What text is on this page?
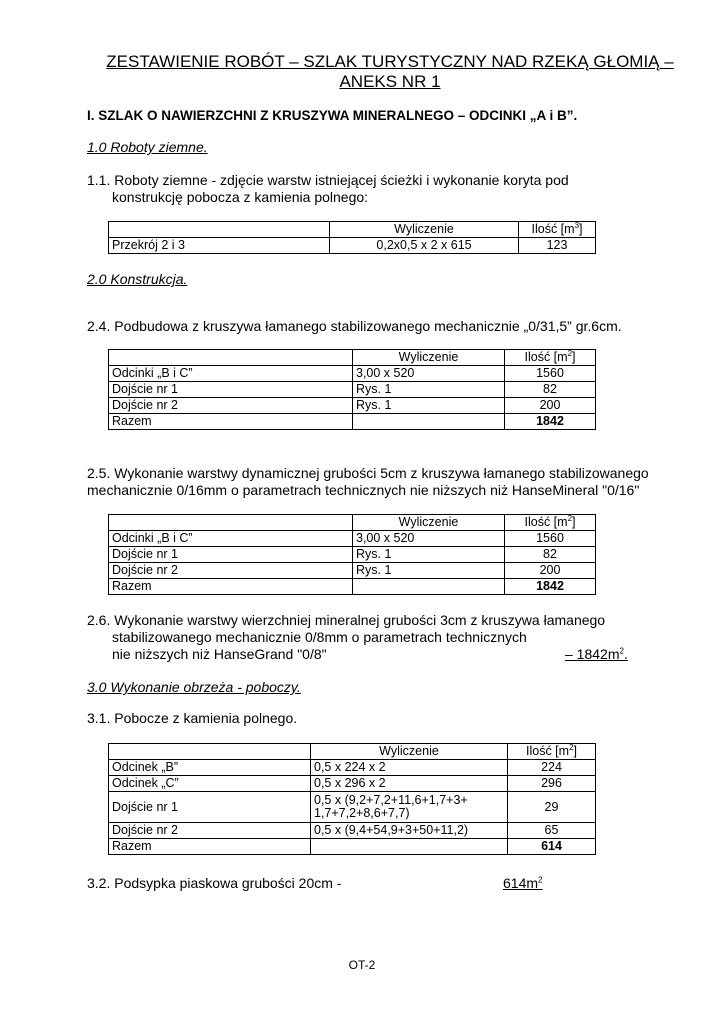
ZESTAWIENIE ROBÓT – SZLAK TURYSTYCZNY NAD RZEKĄ GŁOMIĄ –
ANEKS NR 1
I. SZLAK O NAWIERZCHNI Z KRUSZYWA MINERALNEGO – ODCINKI „A i B”.
1.0 Roboty ziemne.
1.1. Roboty ziemne - zdjęcie warstw istniejącej ścieżki i wykonanie koryta pod
konstrukcję pobocza z kamienia polnego:
	Wyliczenie	Ilość $[m^3]$
Przekrój 2 i 3	0,2x0,5 x 2 x 615	123
2.0 Konstrukcja.
2.4. Podbudowa z kruszywa łamanego stabilizowanego mechanicznie „0/31,5” gr.6cm.
	Wyliczenie	Ilość $[m^2]$
Odcinki „B i C”	3,00 x 520	1560
Dojście nr 1	Rys. 1	82
Dojście nr 2	Rys. 1	200
Razem		1842
2.5. Wykonanie warstwy dynamicznej grubości 5cm z kruszywa łamanego stabilizowanego
mechanicznie 0/16mm o parametrach technicznych nie niższych niż HanseMineral "0/16"
	Wyliczenie	Ilość $[m^2]$
Odcinki „B i C”	3,00 x 520	1560
Dojście nr 1	Rys. 1	82
Dojście nr 2	Rys. 1	200
Razem		1842
2.6. Wykonanie warstwy wierzchniej mineralnej grubości 3cm z kruszywa łamanego
stabilizowanego mechanicznie 0/8mm o parametrach technicznych
nie niższych niż HanseGrand "0/8"	– $1842m^2$.
3.0 Wykonanie obrzeża - poboczy.
3.1. Pobocze z kamienia polnego.
	Wyliczenie	Ilość $[m^2]$
Odcinek „B”	0,5 x 224 x 2	224
Odcinek „C”	0,5 x 296 x 2	296
Dojście nr 1	0,5 x (9,2+7,2+11,6+1,7+3+
1,7+7,2+8,6+7,7)	29
Dojście nr 2	0,5 x (9,4+54,9+3+50+11,2)	65
Razem		614
3.2. Podsypka piaskowa grubości 20cm -	$614m^2$
OT-2
